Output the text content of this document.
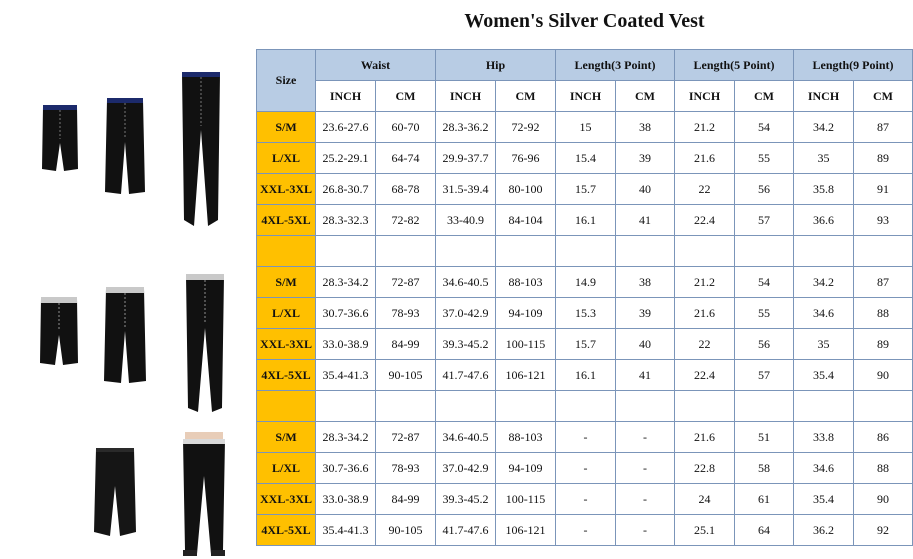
Women's Silver Coated Vest
Size	Waist		Hip		Length(3 Point)		Length(5 Point)		Length(9 Point)	
	INCH	CM	INCH	CM	INCH	CM	INCH	CM	INCH	CM
S/M	23.6-27.6	60-70	28.3-36.2	72-92	15	38	21.2	54	34.2	87
L/XL	25.2-29.1	64-74	29.9-37.7	76-96	15.4	39	21.6	55	35	89
XXL-3XL	26.8-30.7	68-78	31.5-39.4	80-100	15.7	40	22	56	35.8	91
4XL-5XL	28.3-32.3	72-82	33-40.9	84-104	16.1	41	22.4	57	36.6	93

S/M	28.3-34.2	72-87	34.6-40.5	88-103	14.9	38	21.2	54	34.2	87
L/XL	30.7-36.6	78-93	37.0-42.9	94-109	15.3	39	21.6	55	34.6	88
XXL-3XL	33.0-38.9	84-99	39.3-45.2	100-115	15.7	40	22	56	35	89
4XL-5XL	35.4-41.3	90-105	41.7-47.6	106-121	16.1	41	22.4	57	35.4	90

S/M	28.3-34.2	72-87	34.6-40.5	88-103	-	-	21.6	51	33.8	86
L/XL	30.7-36.6	78-93	37.0-42.9	94-109	-	-	22.8	58	34.6	88
XXL-3XL	33.0-38.9	84-99	39.3-45.2	100-115	-	-	24	61	35.4	90
4XL-5XL	35.4-41.3	90-105	41.7-47.6	106-121	-	-	25.1	64	36.2	92
